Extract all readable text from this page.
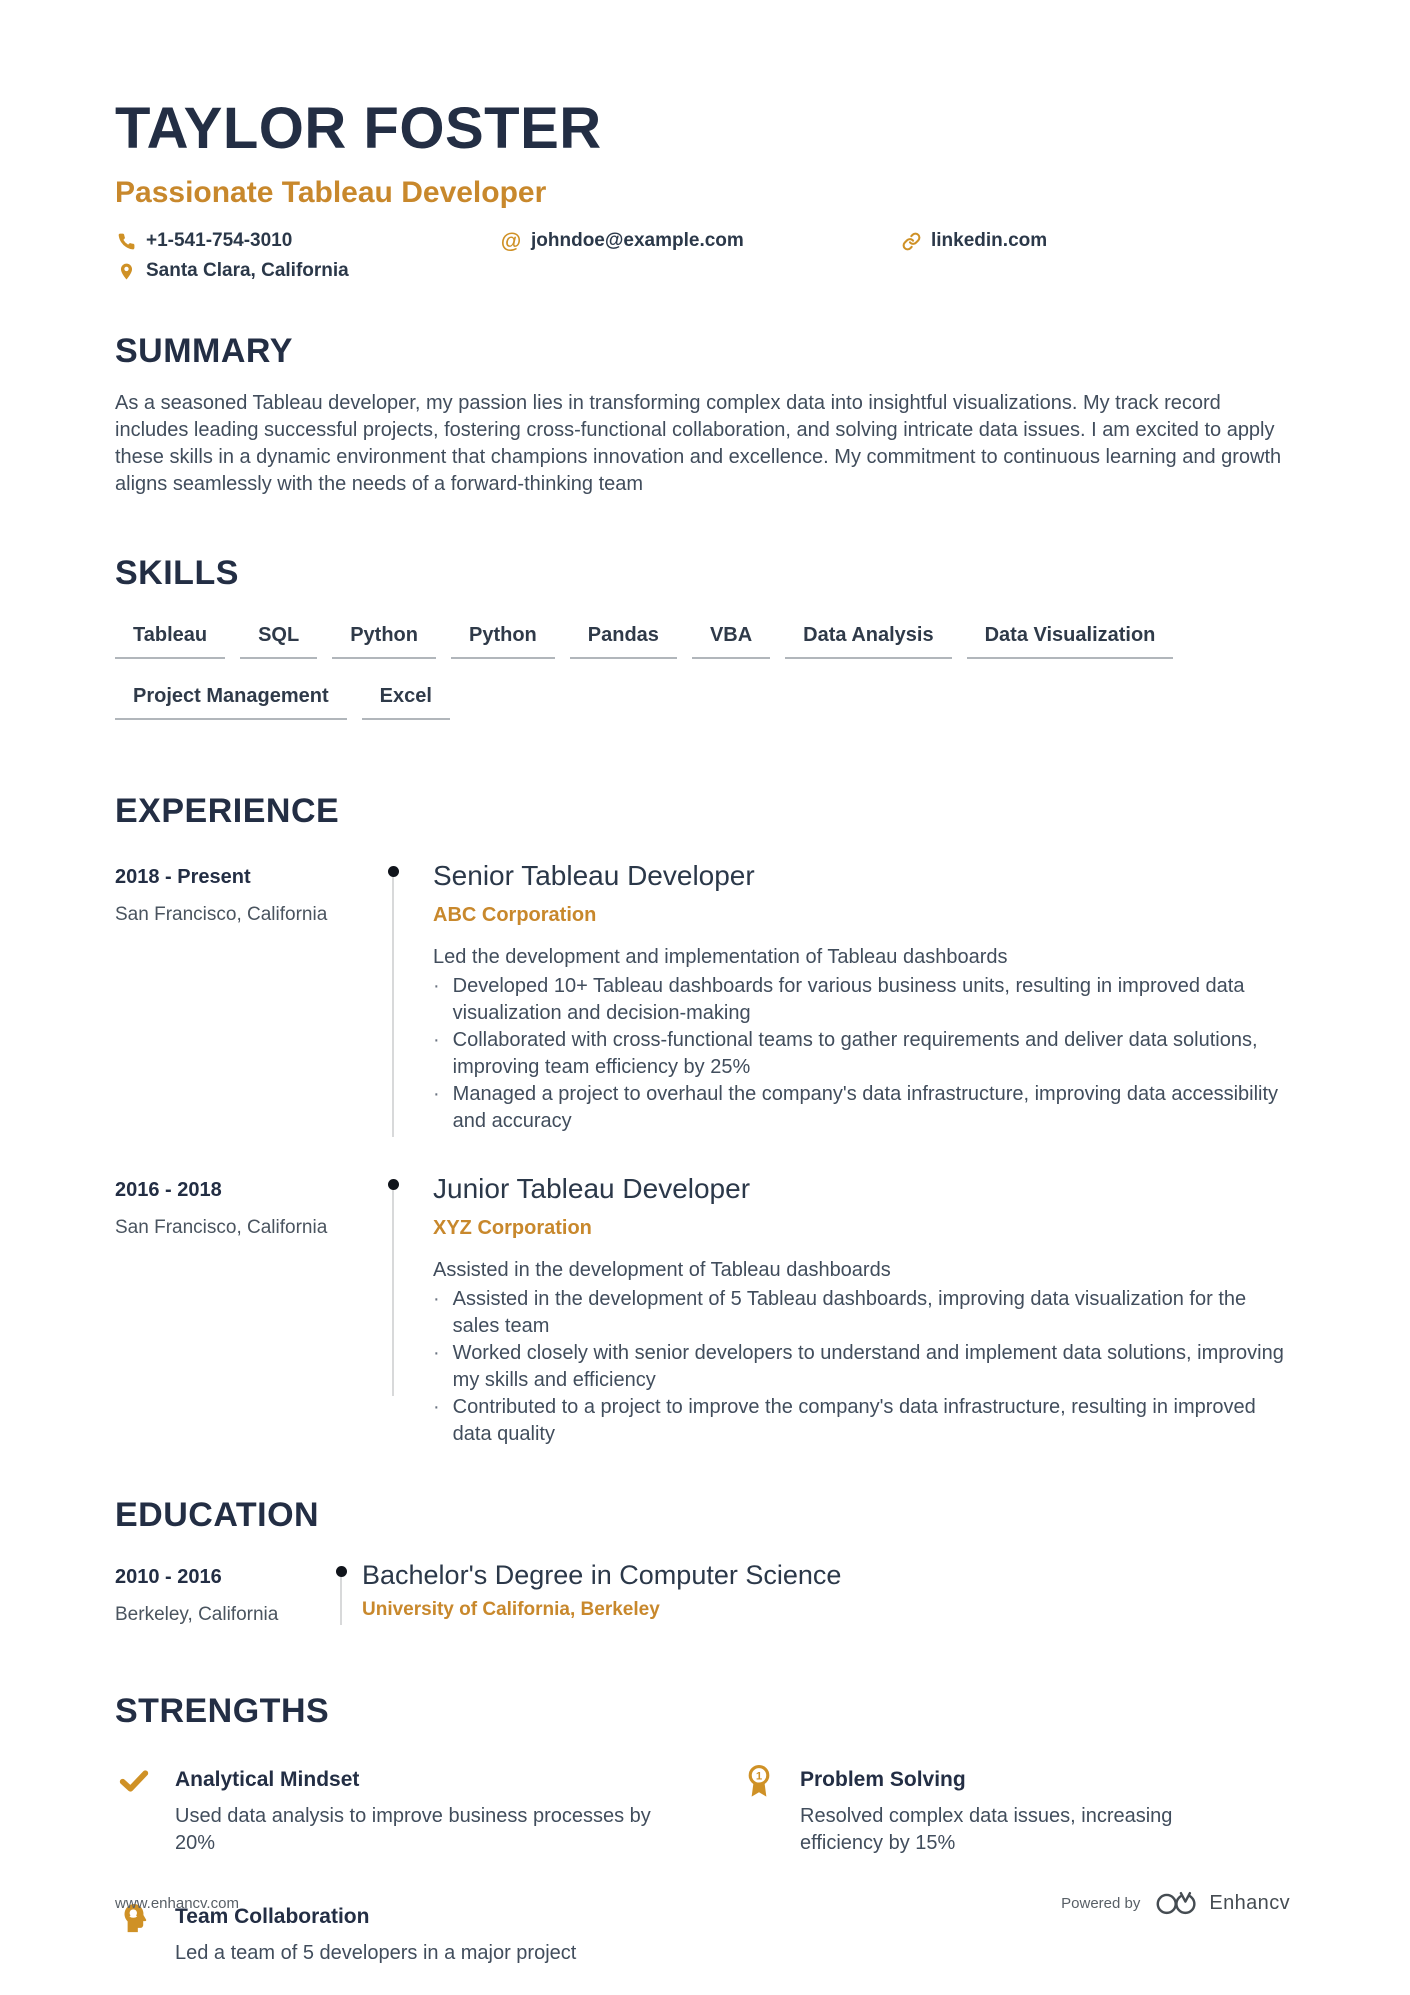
TAYLOR FOSTER
Passionate Tableau Developer
+1-541-754-3010	@ johndoe@example.com	linkedin.com
Santa Clara, California
SUMMARY

As a seasoned Tableau developer, my passion lies in transforming complex data into insightful visualizations. My track record includes leading successful projects, fostering cross-functional collaboration, and solving intricate data issues. I am excited to apply these skills in a dynamic environment that champions innovation and excellence. My commitment to continuous learning and growth aligns seamlessly with the needs of a forward-thinking team

SKILLS
Tableau	SQL	Python	Python	Pandas	VBA	Data Analysis	Data Visualization
Project Management	Excel
EXPERIENCE
2018 - Present
San Francisco, California
Senior Tableau Developer
ABC Corporation
Led the development and implementation of Tableau dashboards
· Developed 10+ Tableau dashboards for various business units, resulting in improved data visualization and decision-making
· Collaborated with cross-functional teams to gather requirements and deliver data solutions, improving team efficiency by 25%
· Managed a project to overhaul the company's data infrastructure, improving data accessibility and accuracy
2016 - 2018
San Francisco, California
Junior Tableau Developer
XYZ Corporation
Assisted in the development of Tableau dashboards
· Assisted in the development of 5 Tableau dashboards, improving data visualization for the sales team
· Worked closely with senior developers to understand and implement data solutions, improving my skills and efficiency
· Contributed to a project to improve the company's data infrastructure, resulting in improved data quality
EDUCATION
2010 - 2016
Berkeley, California
Bachelor's Degree in Computer Science
University of California, Berkeley
STRENGTHS
Analytical Mindset
Used data analysis to improve business processes by 20%
1 Problem Solving
Resolved complex data issues, increasing efficiency by 15%
Team Collaboration
Led a team of 5 developers in a major project
www.enhancv.com	Powered by	Enhancv
